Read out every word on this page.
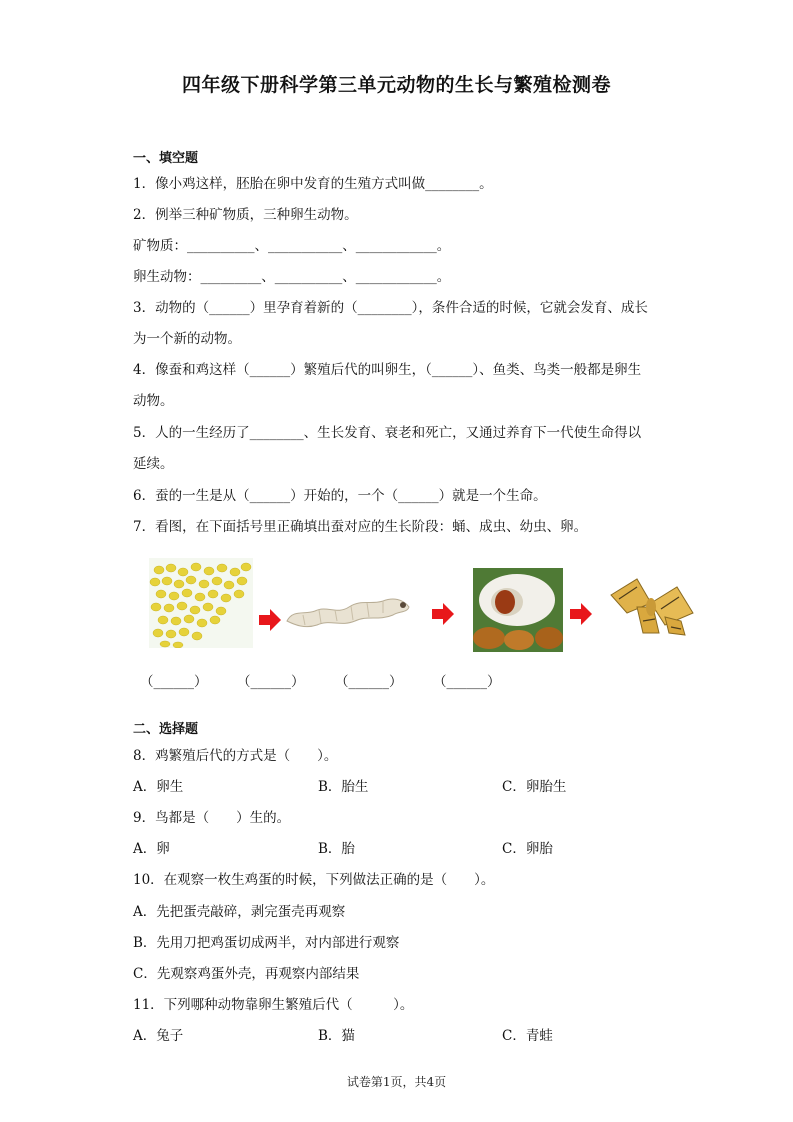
四年级下册科学第三单元动物的生长与繁殖检测卷
一、填空题
1．像小鸡这样，胚胎在卵中发育的生殖方式叫做________。
2．例举三种矿物质，三种卵生动物。
矿物质：__________、___________、____________。
卵生动物：_________、__________、____________。
3．动物的（______）里孕育着新的（________），条件合适的时候，它就会发育、成长
为一个新的动物。
4．像蚕和鸡这样（______）繁殖后代的叫卵生，（______）、鱼类、鸟类一般都是卵生
动物。
5．人的一生经历了________、生长发育、衰老和死亡，又通过养育下一代使生命得以
延续。
6．蚕的一生是从（______）开始的，一个（______）就是一个生命。
7．看图，在下面括号里正确填出蚕对应的生长阶段：蛹、成虫、幼虫、卵。
（______） （______） （______） （______）
二、选择题
8．鸡繁殖后代的方式是（　　）。
A．卵生	B．胎生	C．卵胎生
9．鸟都是（　　）生的。
A．卵	B．胎	C．卵胎
10．在观察一枚生鸡蛋的时候，下列做法正确的是（　　）。
A．先把蛋壳敲碎，剥完蛋壳再观察
B．先用刀把鸡蛋切成两半，对内部进行观察
C．先观察鸡蛋外壳，再观察内部结果
11．下列哪种动物靠卵生繁殖后代（　　　）。
A．兔子	B．猫	C．青蛙
试卷第1页，共4页
